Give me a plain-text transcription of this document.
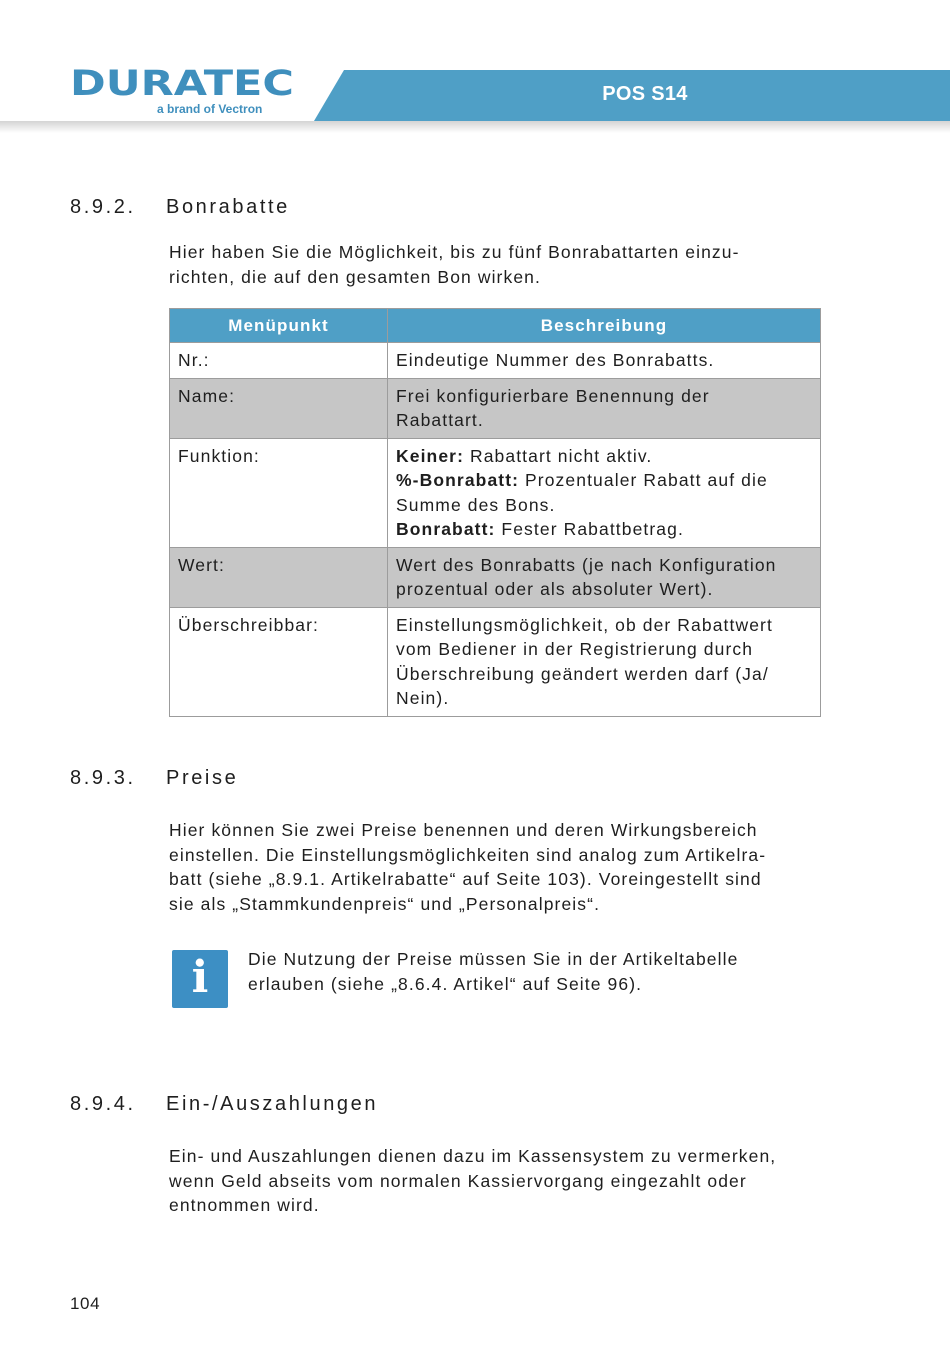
POS S14
DURATEC
a brand of Vectron
8.9.2. Bonrabatte
Hier haben Sie die Möglichkeit, bis zu fünf Bonrabattarten einzu-
richten, die auf den gesamten Bon wirken.
Menüpunkt	Beschreibung
Nr.:	Eindeutige Nummer des Bonrabatts.

Name:	Frei konfigurierbare Benennung der
Rabattart.

Funktion:	Keiner: Rabattart nicht aktiv.
%-Bonrabatt: Prozentualer Rabatt auf die
Summe des Bons.
Bonrabatt: Fester Rabattbetrag.

Wert:	Wert des Bonrabatts (je nach Konfiguration
prozentual oder als absoluter Wert).

Überschreibbar:	Einstellungsmöglichkeit, ob der Rabattwert
vom Bediener in der Registrierung durch
Überschreibung geändert werden darf (Ja/
Nein).
8.9.3. Preise
Hier können Sie zwei Preise benennen und deren Wirkungsbereich
einstellen. Die Einstellungsmöglichkeiten sind analog zum Artikelra-
batt (siehe „8.9.1. Artikelrabatte“ auf Seite 103). Voreingestellt sind
sie als „Stammkundenpreis“ und „Personalpreis“.
i	Die Nutzung der Preise müssen Sie in der Artikeltabelle
erlauben (siehe „8.6.4. Artikel“ auf Seite 96).
8.9.4. Ein-/Auszahlungen
Ein- und Auszahlungen dienen dazu im Kassensystem zu vermerken,
wenn Geld abseits vom normalen Kassiervorgang eingezahlt oder
entnommen wird.
104
